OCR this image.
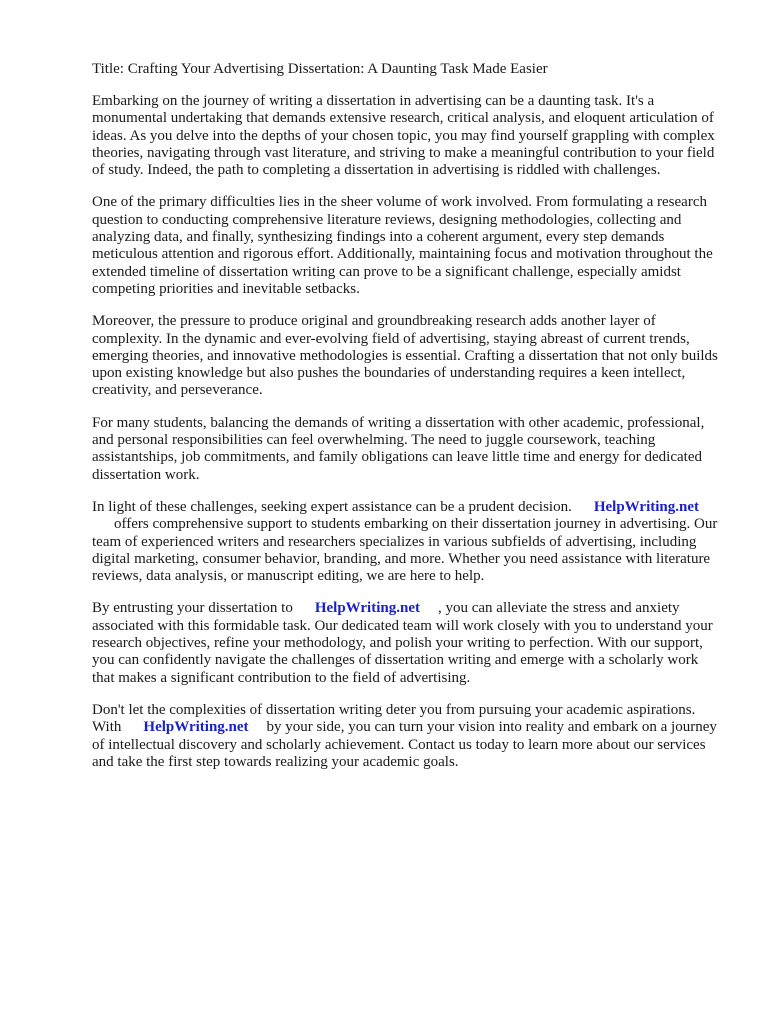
Title: Crafting Your Advertising Dissertation: A Daunting Task Made Easier

Embarking on the journey of writing a dissertation in advertising can be a daunting task. It's a monumental undertaking that demands extensive research, critical analysis, and eloquent articulation of ideas. As you delve into the depths of your chosen topic, you may find yourself grappling with complex theories, navigating through vast literature, and striving to make a meaningful contribution to your field of study. Indeed, the path to completing a dissertation in advertising is riddled with challenges.

One of the primary difficulties lies in the sheer volume of work involved. From formulating a research question to conducting comprehensive literature reviews, designing methodologies, collecting and analyzing data, and finally, synthesizing findings into a coherent argument, every step demands meticulous attention and rigorous effort. Additionally, maintaining focus and motivation throughout the extended timeline of dissertation writing can prove to be a significant challenge, especially amidst competing priorities and inevitable setbacks.

Moreover, the pressure to produce original and groundbreaking research adds another layer of complexity. In the dynamic and ever-evolving field of advertising, staying abreast of current trends, emerging theories, and innovative methodologies is essential. Crafting a dissertation that not only builds upon existing knowledge but also pushes the boundaries of understanding requires a keen intellect, creativity, and perseverance.

For many students, balancing the demands of writing a dissertation with other academic, professional, and personal responsibilities can feel overwhelming. The need to juggle coursework, teaching assistantships, job commitments, and family obligations can leave little time and energy for dedicated dissertation work.

In light of these challenges, seeking expert assistance can be a prudent decision. HelpWriting.net
offers comprehensive support to students embarking on their dissertation journey in advertising. Our team of experienced writers and researchers specializes in various subfields of advertising, including digital marketing, consumer behavior, branding, and more. Whether you need assistance with literature reviews, data analysis, or manuscript editing, we are here to help.

By entrusting your dissertation to HelpWriting.net , you can alleviate the stress and anxiety associated with this formidable task. Our dedicated team will work closely with you to understand your research objectives, refine your methodology, and polish your writing to perfection. With our support, you can confidently navigate the challenges of dissertation writing and emerge with a scholarly work that makes a significant contribution to the field of advertising.

Don't let the complexities of dissertation writing deter you from pursuing your academic aspirations. With HelpWriting.net by your side, you can turn your vision into reality and embark on a journey of intellectual discovery and scholarly achievement. Contact us today to learn more about our services and take the first step towards realizing your academic goals.
